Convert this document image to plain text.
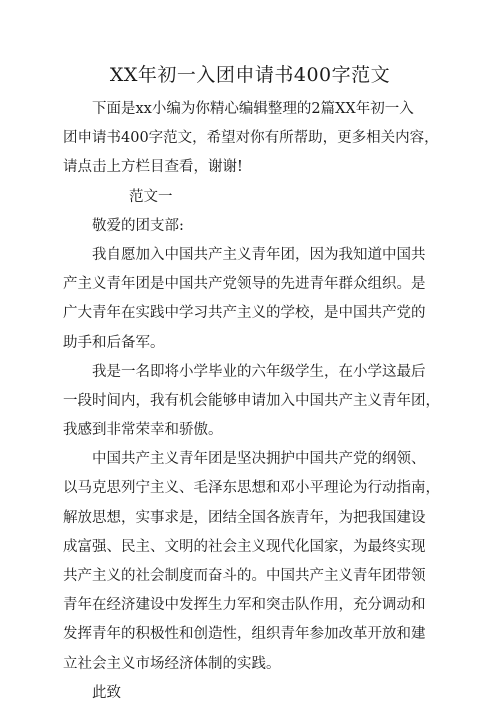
XX年初一入团申请书400字范文
下面是xx小编为你精心编辑整理的2篇XX年初一入
团申请书400字范文，希望对你有所帮助，更多相关内容，
请点击上方栏目查看，谢谢!
范文一
敬爱的团支部:
我自愿加入中国共产主义青年团，因为我知道中国共
产主义青年团是中国共产党领导的先进青年群众组织。是
广大青年在实践中学习共产主义的学校，是中国共产党的
助手和后备军。
我是一名即将小学毕业的六年级学生，在小学这最后
一段时间内，我有机会能够申请加入中国共产主义青年团，
我感到非常荣幸和骄傲。
中国共产主义青年团是坚决拥护中国共产党的纲领、
以马克思列宁主义、毛泽东思想和邓小平理论为行动指南，
解放思想，实事求是，团结全国各族青年，为把我国建设
成富强、民主、文明的社会主义现代化国家，为最终实现
共产主义的社会制度而奋斗的。中国共产主义青年团带领
青年在经济建设中发挥生力军和突击队作用，充分调动和
发挥青年的积极性和创造性，组织青年参加改革开放和建
立社会主义市场经济体制的实践。
此致
